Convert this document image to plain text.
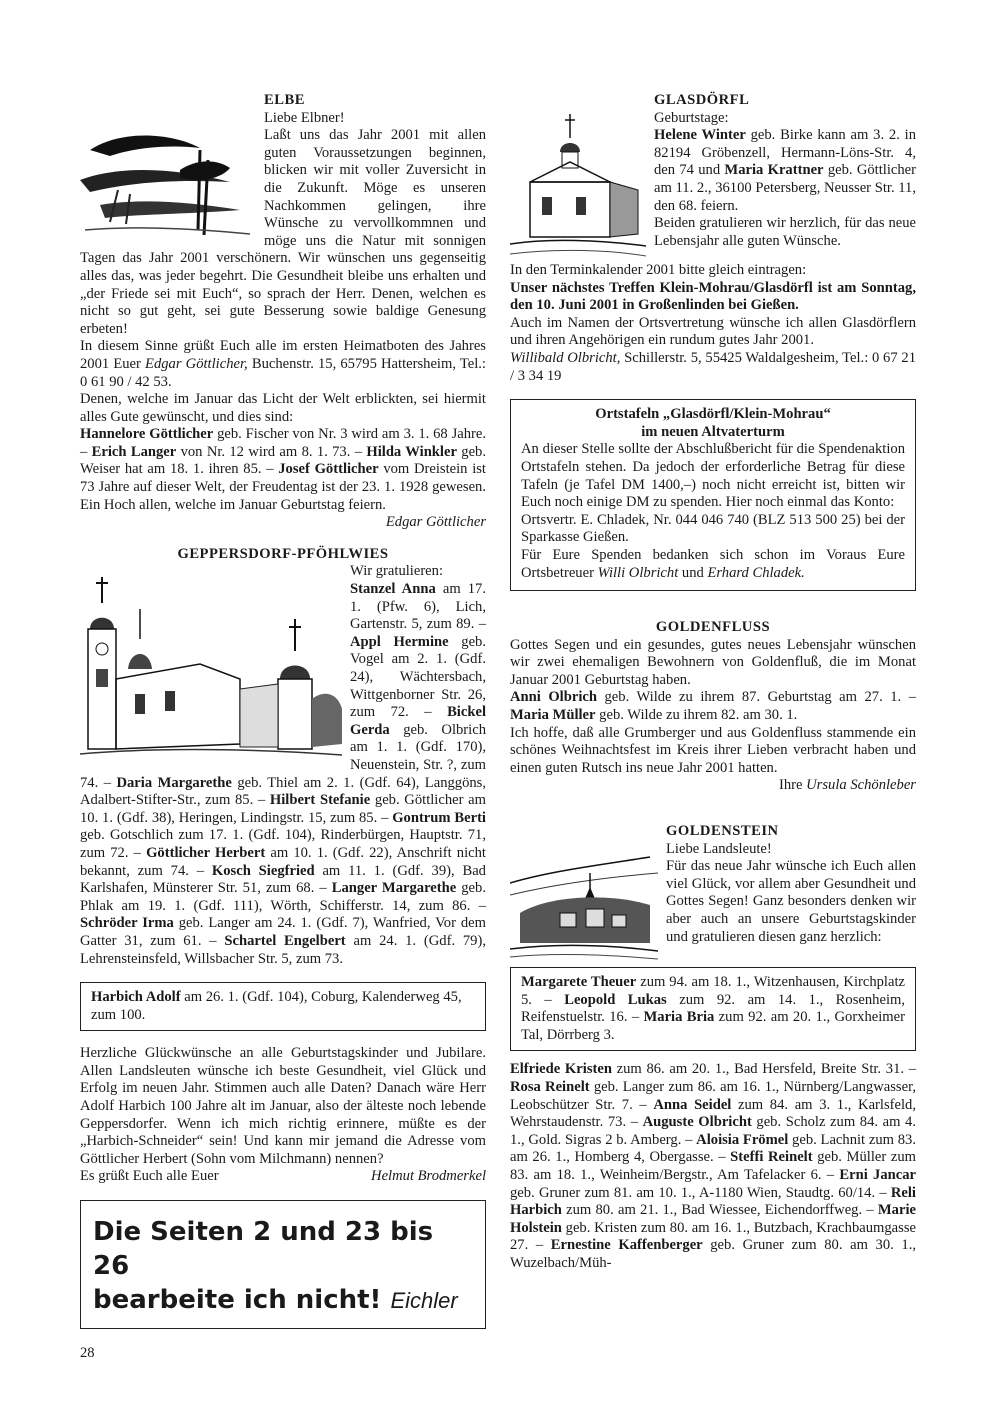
ELBE

Liebe Elbner!

Laßt uns das Jahr 2001 mit allen guten Voraussetzungen beginnen, blicken wir mit voller Zuversicht in die Zukunft. Möge es unseren Nachkommen gelingen, ihre Wünsche zu vervollkommnen und möge uns die Natur mit sonnigen Tagen das Jahr 2001 verschönern. Wir wünschen uns gegenseitig alles das, was jeder begehrt. Die Gesundheit bleibe uns erhalten und „der Friede sei mit Euch“, so sprach der Herr. Denen, welchen es nicht so gut geht, sei gute Besserung sowie baldige Genesung erbeten!

In diesem Sinne grüßt Euch alle im ersten Heimatboten des Jahres 2001 Euer Edgar Göttlicher, Buchenstr. 15, 65795 Hattersheim, Tel.: 0 61 90 / 42 53.

Denen, welche im Januar das Licht der Welt erblickten, sei hiermit alles Gute gewünscht, und dies sind:

Hannelore Göttlicher geb. Fischer von Nr. 3 wird am 3. 1. 68 Jahre. – Erich Langer von Nr. 12 wird am 8. 1. 73. – Hilda Winkler geb. Weiser hat am 18. 1. ihren 85. – Josef Göttlicher vom Dreistein ist 73 Jahre auf dieser Welt, der Freudentag ist der 23. 1. 1928 gewesen. Ein Hoch allen, welche im Januar Geburtstag feiern.
Edgar Göttlicher

GEPPERSDORF-PFÖHLWIES

Wir gratulieren:

Stanzel Anna am 17. 1. (Pfw. 6), Lich, Gartenstr. 5, zum 89. – Appl Hermine geb. Vogel am 2. 1. (Gdf. 24), Wächtersbach, Wittgenborner Str. 26, zum 72. – Bickel Gerda geb. Olbrich am 1. 1. (Gdf. 170), Neuenstein, Str. ?, zum 74. – Daria Margarethe geb. Thiel am 2. 1. (Gdf. 64), Langgöns, Adalbert-Stifter-Str., zum 85. – Hilbert Stefanie geb. Göttlicher am 10. 1. (Gdf. 38), Heringen, Lindingstr. 15, zum 85. – Gontrum Berti geb. Gotschlich zum 17. 1. (Gdf. 104), Rinderbürgen, Hauptstr. 71, zum 72. – Göttlicher Herbert am 10. 1. (Gdf. 22), Anschrift nicht bekannt, zum 74. – Kosch Siegfried am 11. 1. (Gdf. 39), Bad Karlshafen, Münsterer Str. 51, zum 68. – Langer Margarethe geb. Phlak am 19. 1. (Gdf. 111), Wörth, Schifferstr. 14, zum 86. – Schröder Irma geb. Langer am 24. 1. (Gdf. 7), Wanfried, Vor dem Gatter 31, zum 61. – Schartel Engelbert am 24. 1. (Gdf. 79), Lehrensteinsfeld, Willsbacher Str. 5, zum 73.

Harbich Adolf am 26. 1. (Gdf. 104), Coburg, Kalenderweg 45, zum 100.

Herzliche Glückwünsche an alle Geburtstagskinder und Jubilare. Allen Landsleuten wünsche ich beste Gesundheit, viel Glück und Erfolg im neuen Jahr. Stimmen auch alle Daten? Danach wäre Herr Adolf Harbich 100 Jahre alt im Januar, also der älteste noch lebende Geppersdorfer. Wenn ich mich richtig erinnere, müßte es der „Harbich-Schneider“ sein! Und kann mir jemand die Adresse vom Göttlicher Herbert (Sohn vom Milchmann) nennen?

Es grüßt Euch alle Euer	Helmut Brodmerkel

Die Seiten 2 und 23 bis 26
bearbeite ich nicht! Eichler

GLASDÖRFL

Geburtstage:

Helene Winter geb. Birke kann am 3. 2. in 82194 Gröbenzell, Hermann-Löns-Str. 4, den 74 und Maria Krattner geb. Göttlicher am 11. 2., 36100 Petersberg, Neusser Str. 11, den 68. feiern.

Beiden gratulieren wir herzlich, für das neue Lebensjahr alle guten Wünsche.

In den Terminkalender 2001 bitte gleich eintragen:

Unser nächstes Treffen Klein-Mohrau/Glasdörfl ist am Sonntag, den 10. Juni 2001 in Großenlinden bei Gießen.

Auch im Namen der Ortsvertretung wünsche ich allen Glasdörflern und ihren Angehörigen ein rundum gutes Jahr 2001.

Willibald Olbricht, Schillerstr. 5, 55425 Waldalgesheim, Tel.: 0 67 21 / 3 34 19

Ortstafeln „Glasdörfl/Klein-Mohrau“

im neuen Altvaterturm

An dieser Stelle sollte der Abschlußbericht für die Spendenaktion Ortstafeln stehen. Da jedoch der erforderliche Betrag für diese Tafeln (je Tafel DM 1400,–) noch nicht erreicht ist, bitten wir Euch noch einige DM zu spenden. Hier noch einmal das Konto:

Ortsvertr. E. Chladek, Nr. 044 046 740 (BLZ 513 500 25) bei der Sparkasse Gießen.

Für Eure Spenden bedanken sich schon im Voraus Eure Ortsbetreuer Willi Olbricht und Erhard Chladek.

GOLDENFLUSS

Gottes Segen und ein gesundes, gutes neues Lebensjahr wünschen wir zwei ehemaligen Bewohnern von Goldenfluß, die im Monat Januar 2001 Geburtstag haben.

Anni Olbrich geb. Wilde zu ihrem 87. Geburtstag am 27. 1. – Maria Müller geb. Wilde zu ihrem 82. am 30. 1.

Ich hoffe, daß alle Grumberger und aus Goldenfluss stammende ein schönes Weihnachtsfest im Kreis ihrer Lieben verbracht haben und einen guten Rutsch ins neue Jahr 2001 hatten.

Ihre Ursula Schönleber

GOLDENSTEIN

Liebe Landsleute!

Für das neue Jahr wünsche ich Euch allen viel Glück, vor allem aber Gesundheit und Gottes Segen! Ganz besonders denken wir aber auch an unsere Geburtstagskinder und gratulieren diesen ganz herzlich:

Margarete Theuer zum 94. am 18. 1., Witzenhausen, Kirchplatz 5. – Leopold Lukas zum 92. am 14. 1., Rosenheim, Reifenstuelstr. 16. – Maria Bria zum 92. am 20. 1., Gorxheimer Tal, Dörrberg 3.

Elfriede Kristen zum 86. am 20. 1., Bad Hersfeld, Breite Str. 31. – Rosa Reinelt geb. Langer zum 86. am 16. 1., Nürnberg/Langwasser, Leobschützer Str. 7. – Anna Seidel zum 84. am 3. 1., Karlsfeld, Wehrstaudenstr. 73. – Auguste Olbricht geb. Scholz zum 84. am 4. 1., Gold. Sigras 2 b. Amberg. – Aloisia Frömel geb. Lachnit zum 83. am 26. 1., Homberg 4, Obergasse. – Steffi Reinelt geb. Müller zum 83. am 18. 1., Weinheim/Bergstr., Am Tafelacker 6. – Erni Jancar geb. Gruner zum 81. am 10. 1., A-1180 Wien, Staudtg. 60/14. – Reli Harbich zum 80. am 21. 1., Bad Wiessee, Eichendorffweg. – Marie Holstein geb. Kristen zum 80. am 16. 1., Butzbach, Krachbaumgasse 27. – Ernestine Kaffenberger geb. Gruner zum 80. am 30. 1., Wuzelbach/Müh-

28
